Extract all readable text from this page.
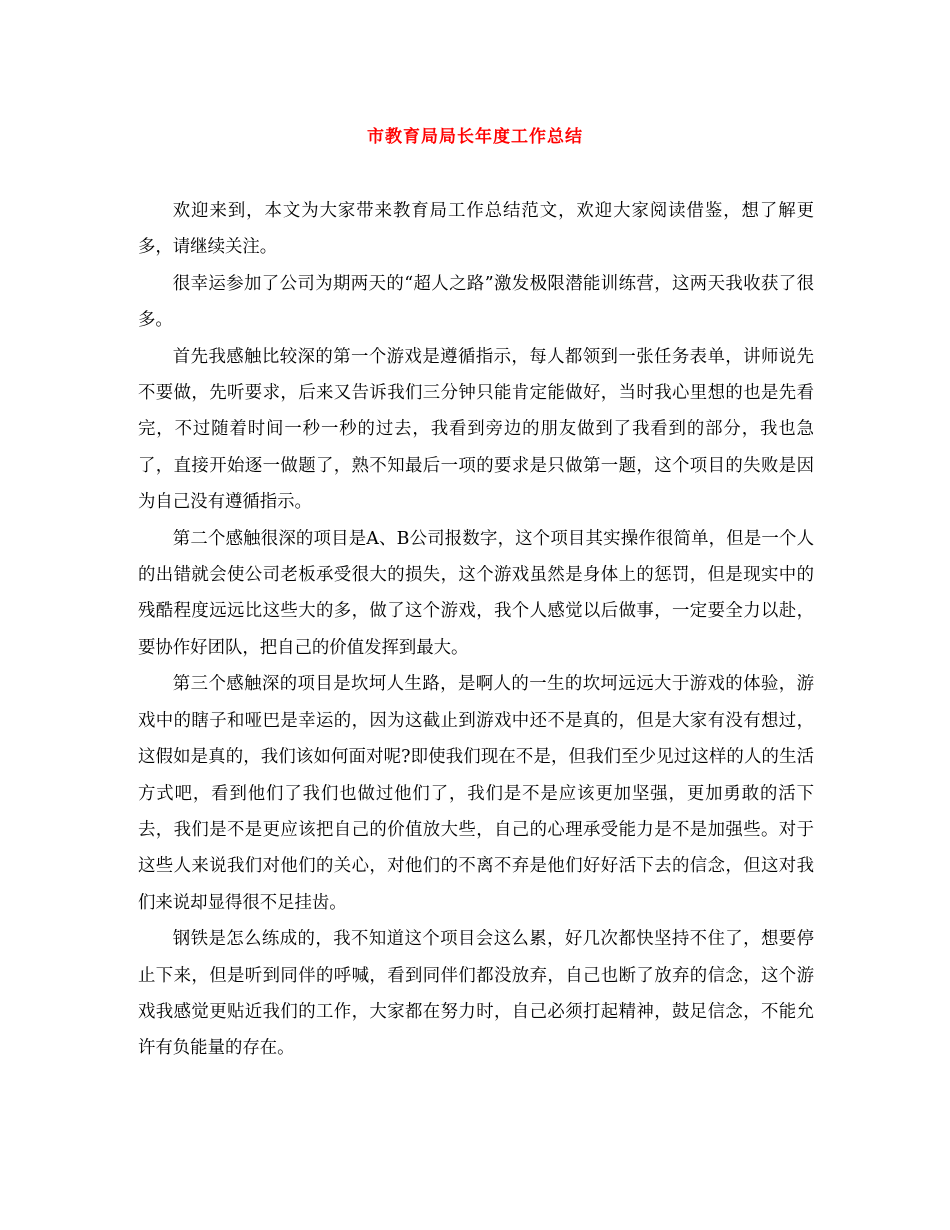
市教育局局长年度工作总结

欢迎来到，本文为大家带来教育局工作总结范文，欢迎大家阅读借鉴，想了解更多，请继续关注。

很幸运参加了公司为期两天的“超人之路”激发极限潜能训练营，这两天我收获了很多。

首先我感触比较深的第一个游戏是遵循指示，每人都领到一张任务表单，讲师说先不要做，先听要求，后来又告诉我们三分钟只能肯定能做好，当时我心里想的也是先看完，不过随着时间一秒一秒的过去，我看到旁边的朋友做到了我看到的部分，我也急了，直接开始逐一做题了，熟不知最后一项的要求是只做第一题，这个项目的失败是因为自己没有遵循指示。

第二个感触很深的项目是A、B公司报数字，这个项目其实操作很简单，但是一个人的出错就会使公司老板承受很大的损失，这个游戏虽然是身体上的惩罚，但是现实中的残酷程度远远比这些大的多，做了这个游戏，我个人感觉以后做事，一定要全力以赴，要协作好团队，把自己的价值发挥到最大。

第三个感触深的项目是坎坷人生路，是啊人的一生的坎坷远远大于游戏的体验，游戏中的瞎子和哑巴是幸运的，因为这截止到游戏中还不是真的，但是大家有没有想过，这假如是真的，我们该如何面对呢?即使我们现在不是，但我们至少见过这样的人的生活方式吧，看到他们了我们也做过他们了，我们是不是应该更加坚强，更加勇敢的活下去，我们是不是更应该把自己的价值放大些，自己的心理承受能力是不是加强些。对于这些人来说我们对他们的关心，对他们的不离不弃是他们好好活下去的信念，但这对我们来说却显得很不足挂齿。

钢铁是怎么练成的，我不知道这个项目会这么累，好几次都快坚持不住了，想要停止下来，但是听到同伴的呼喊，看到同伴们都没放弃，自己也断了放弃的信念，这个游戏我感觉更贴近我们的工作，大家都在努力时，自己必须打起精神，鼓足信念，不能允许有负能量的存在。
